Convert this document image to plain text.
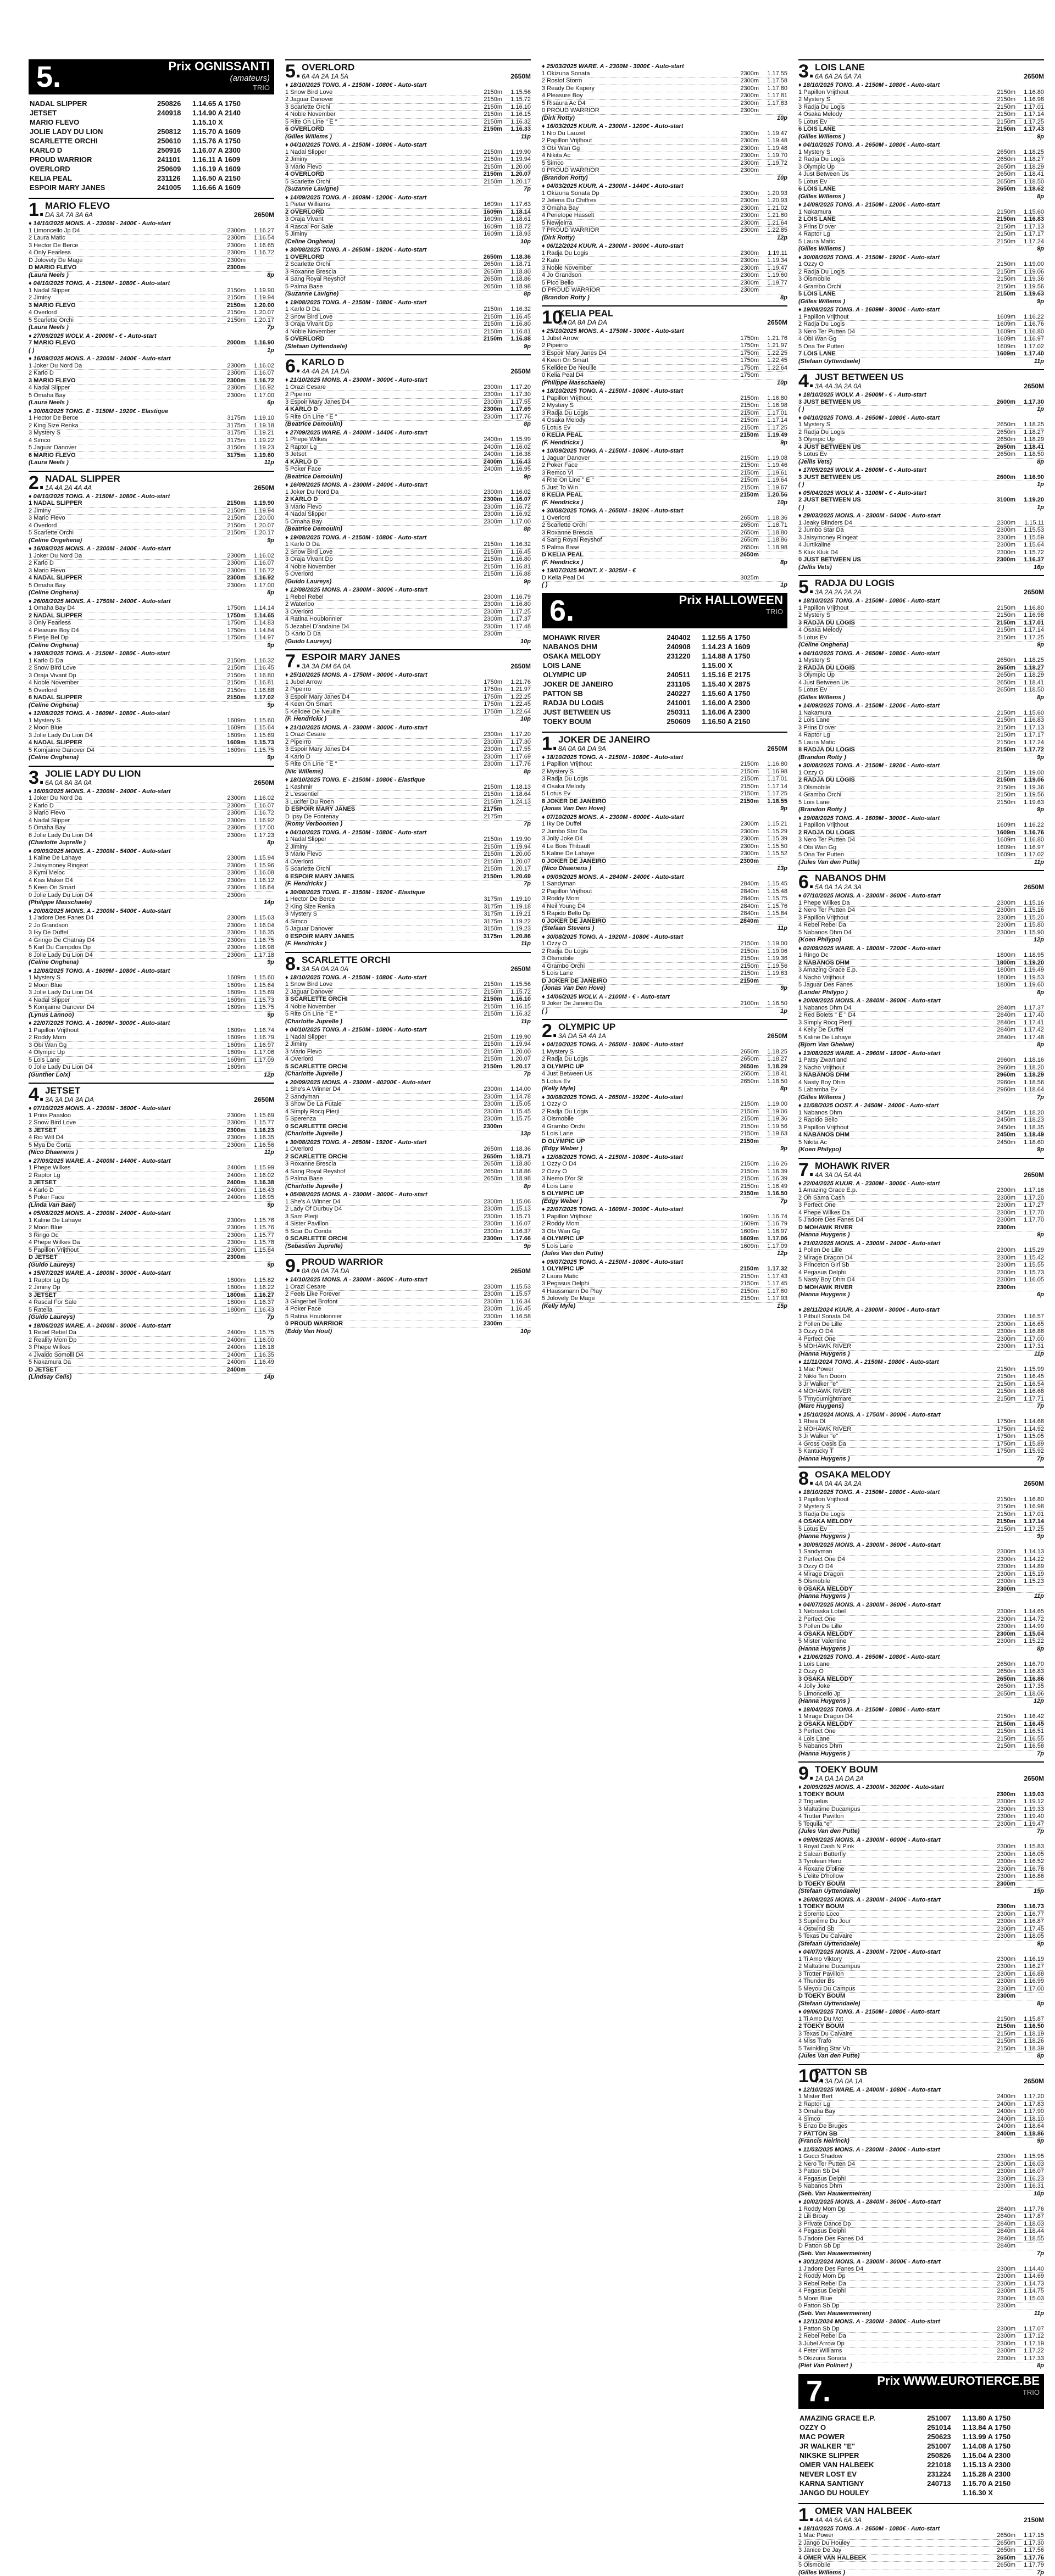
5.	Prix OGNISSANTI
(amateurs)
TRIO
NADAL SLIPPER	250826	1.14.65 A 1750
JETSET	240918	1.14.90 A 2140
MARIO FLEVO		1.15.10 X
JOLIE LADY DU LION	250812	1.15.70 A 1609
SCARLETTE ORCHI	250610	1.15.76 A 1750
KARLO D	250916	1.16.07 A 2300
PROUD WARRIOR	241101	1.16.11 A 1609
OVERLORD	250609	1.16.19 A 1609
KELIA PEAL	231126	1.16.50 A 2150
ESPOIR MARY JANES	241005	1.16.66 A 1609
1. MARIO FLEVO
DA 3A 7A 3A 6A	2650M
♦ 14/10/2025 MONS. A - 2300M - 2400€ - Auto-start
1 Limoncello Jp D4	2300m	1.16.27
2 Laura Matic	2300m	1.16.54
3 Hector De Berce	2300m	1.16.65
4 Only Fearless	2300m	1.16.72
D Jolovely De Mage	2300m
D MARIO FLEVO	2300m
(Laura Neels )	8p
♦ 04/10/2025 TONG. A - 2150M - 1080€ - Auto-start
1 Nadal Slipper	2150m	1.19.90
2 Jiminy	2150m	1.19.94
3 MARIO FLEVO	2150m	1.20.00
4 Overlord	2150m	1.20.07
5 Scarlette Orchi	2150m	1.20.17
(Laura Neels )	7p
♦ 27/09/2025 WOLV. A - 2000M - € - Auto-start
7 MARIO FLEVO	2000m	1.16.90
( )	1p
♦ 16/09/2025 MONS. A - 2300M - 2400€ - Auto-start
1 Joker Du Nord Da	2300m	1.16.02
2 Karlo D	2300m	1.16.07
3 MARIO FLEVO	2300m	1.16.72
4 Nadal Slipper	2300m	1.16.92
5 Omaha Bay	2300m	1.17.00
(Laura Neels )	6p
♦ 30/08/2025 TONG. E - 3150M - 1920€ - Elastique
1 Hector De Berce	3175m	1.19.10
2 King Size Renka	3175m	1.19.18
3 Mystery S	3175m	1.19.21
4 Simco	3175m	1.19.22
5 Jaguar Danover	3150m	1.19.23
6 MARIO FLEVO	3175m	1.19.60
(Laura Neels )	11p
2. NADAL SLIPPER
1A 4A 2A 4A 4A	2650M
♦ 04/10/2025 TONG. A - 2150M - 1080€ - Auto-start
1 NADAL SLIPPER	2150m	1.19.90
2 Jiminy	2150m	1.19.94
3 Mario Flevo	2150m	1.20.00
4 Overlord	2150m	1.20.07
5 Scarlette Orchi	2150m	1.20.17
(Celine Ongehena)	9p
♦ 16/09/2025 MONS. A - 2300M - 2400€ - Auto-start
1 Joker Du Nord Da	2300m	1.16.02
2 Karlo D	2300m	1.16.07
3 Mario Flevo	2300m	1.16.72
4 NADAL SLIPPER	2300m	1.16.92
5 Omaha Bay	2300m	1.17.00
(Celine Onghena)	8p
♦ 26/08/2025 MONS. A - 1750M - 2400€ - Auto-start
1 Omaha Bay D4	1750m	1.14.14
2 NADAL SLIPPER	1750m	1.14.65
3 Only Fearless	1750m	1.14.83
4 Pleasure Boy D4	1750m	1.14.84
5 Pietje Bel Dp	1750m	1.14.97
(Celine Onghena)	9p
♦ 19/08/2025 TONG. A - 2150M - 1080€ - Auto-start
1 Karlo D Da	2150m	1.16.32
2 Snow Bird Love	2150m	1.16.45
3 Oraja Vivant Dp	2150m	1.16.80
4 Noble November	2150m	1.16.81
5 Overlord	2150m	1.16.88
6 NADAL SLIPPER	2150m	1.17.02
(Celine Onghena)	9p
♦ 12/08/2025 TONG. A - 1609M - 1080€ - Auto-start
1 Mystery S	1609m	1.15.60
2 Moon Blue	1609m	1.15.64
3 Jolie Lady Du Lion D4	1609m	1.15.69
4 NADAL SLIPPER	1609m	1.15.73
5 Komjaime Danover D4	1609m	1.15.75
(Celine Onghena)	9p
3. JOLIE LADY DU LION
6A 0A 8A 3A 0A	2650M
♦ 16/09/2025 MONS. A - 2300M - 2400€ - Auto-start
1 Joker Du Nord Da	2300m	1.16.02
2 Karlo D	2300m	1.16.07
3 Mario Flevo	2300m	1.16.72
4 Nadal Slipper	2300m	1.16.92
5 Omaha Bay	2300m	1.17.00
6 Jolie Lady Du Lion D4	2300m	1.17.23
(Charlotte Juprelle )	8p
♦ 09/09/2025 MONS. A - 2300M - 5400€ - Auto-start
1 Kaline De Lahaye	2300m	1.15.94
2 Jaisymoney Ringeat	2300m	1.15.96
3 Kymi Meloc	2300m	1.16.08
4 Kiss Maker D4	2300m	1.16.12
5 Keen On Smart	2300m	1.16.64
0 Jolie Lady Du Lion D4	2300m
(Philippe Masschaele)	14p
♦ 20/08/2025 MONS. A - 2300M - 5400€ - Auto-start
1 J'adore Des Fanes D4	2300m	1.15.63
2 Jo Grandson	2300m	1.16.04
3 Iky De Duffel	2300m	1.16.35
4 Gringo De Chatnay D4	2300m	1.16.75
5 Karl Du Campdos Dp	2300m	1.16.98
8 Jolie Lady Du Lion D4	2300m	1.17.18
(Celine Onghena)	9p
♦ 12/08/2025 TONG. A - 1609M - 1080€ - Auto-start
1 Mystery S	1609m	1.15.60
2 Moon Blue	1609m	1.15.64
3 Jolie Lady Du Lion D4	1609m	1.15.69
4 Nadal Slipper	1609m	1.15.73
5 Komjaime Danover D4	1609m	1.15.75
(Lynus Lannoo)	9p
♦ 22/07/2025 TONG. A - 1609M - 3000€ - Auto-start
1 Papillon Vrijthout	1609m	1.16.74
2 Roddy Mom	1609m	1.16.79
3 Obi Wan Gg	1609m	1.16.97
4 Olympic Up	1609m	1.17.06
5 Lois Lane	1609m	1.17.09
0 Jolie Lady Du Lion D4	1609m
(Gunther Loix)	12p
4. JETSET
3A 3A DA 3A DA	2650M
♦ 07/10/2025 MONS. A - 2300M - 3600€ - Auto-start
1 Prins Paasloo	2300m	1.15.69
2 Snow Bird Love	2300m	1.15.77
3 JETSET	2300m	1.16.23
4 Rio Will D4	2300m	1.16.35
5 Mya De Corta	2300m	1.16.56
(Nico Dhaenens )	11p
♦ 27/09/2025 WARE. A - 2400M - 1440€ - Auto-start
1 Phepe Wilkes	2400m	1.15.99
2 Raptor Lg	2400m	1.16.02
3 JETSET	2400m	1.16.38
4 Karlo D	2400m	1.16.43
5 Poker Face	2400m	1.16.95
(Linda Van Bael)	9p
♦ 05/08/2025 MONS. A - 2300M - 2400€ - Auto-start
1 Kaline De Lahaye	2300m	1.15.76
2 Moon Blue	2300m	1.15.76
3 Ringo Dc	2300m	1.15.77
4 Phepe Wilkes Da	2300m	1.15.78
5 Papillon Vrijthout	2300m	1.15.84
D JETSET	2300m
(Guido Laureys)	9p
♦ 15/07/2025 WARE. A - 1800M - 3000€ - Auto-start
1 Raptor Lg Dp	1800m	1.15.82
2 Jiminy Dp	1800m	1.16.22
3 JETSET	1800m	1.16.27
4 Rascal For Sale	1800m	1.16.37
5 Ratella	1800m	1.16.43
(Guido Laureys)	7p
♦ 18/06/2025 WARE. A - 2400M - 3000€ - Auto-start
1 Rebel Rebel Da	2400m	1.15.75
2 Reality Mom Dp	2400m	1.16.00
3 Phepe Wilkes	2400m	1.16.18
4 Jivaldo Somolli D4	2400m	1.16.35
5 Nakamura Da	2400m	1.16.49
D JETSET	2400m
(Lindsay Celis)	14p
5. OVERLORD
6A 4A 2A 1A 5A	2650M
♦ 18/10/2025 TONG. A - 2150M - 1080€ - Auto-start
1 Snow Bird Love	2150m	1.15.56
2 Jaguar Danover	2150m	1.15.72
3 Scarlette Orchi	2150m	1.16.10
4 Noble November	2150m	1.16.15
5 Rite On Line " E "	2150m	1.16.32
6 OVERLORD	2150m	1.16.33
(Gilles Willems )	11p
♦ 04/10/2025 TONG. A - 2150M - 1080€ - Auto-start
1 Nadal Slipper	2150m	1.19.90
2 Jiminy	2150m	1.19.94
3 Mario Flevo	2150m	1.20.00
4 OVERLORD	2150m	1.20.07
5 Scarlette Orchi	2150m	1.20.17
(Suzanne Lavigne)	7p
♦ 14/09/2025 TONG. A - 1609M - 1200€ - Auto-start
1 Pieter Williams	1609m	1.17.63
2 OVERLORD	1609m	1.18.14
3 Oraja Vivant	1609m	1.18.61
4 Rascal For Sale	1609m	1.18.72
5 Jiminy	1609m	1.18.93
(Celine Onghena)	10p
♦ 30/08/2025 TONG. A - 2650M - 1920€ - Auto-start
1 OVERLORD	2650m	1.18.36
2 Scarlette Orchi	2650m	1.18.71
3 Roxanne Brescia	2650m	1.18.80
4 Sang Royal Reyshof	2650m	1.18.86
5 Palma Base	2650m	1.18.98
(Suzanne Lavigne)	8p
♦ 19/08/2025 TONG. A - 2150M - 1080€ - Auto-start
1 Karlo D Da	2150m	1.16.32
2 Snow Bird Love	2150m	1.16.45
3 Oraja Vivant Dp	2150m	1.16.80
4 Noble November	2150m	1.16.81
5 OVERLORD	2150m	1.16.88
(Stefaan Uyttendaele)	9p
6. KARLO D
4A 4A 2A 1A DA	2650M
♦ 21/10/2025 MONS. A - 2300M - 3000€ - Auto-start
1 Orazi Cesare	2300m	1.17.20
2 Pipeirro	2300m	1.17.30
3 Espoir Mary Janes D4	2300m	1.17.55
4 KARLO D	2300m	1.17.69
5 Rite On Line " E "	2300m	1.17.76
(Beatrice Demoulin)	8p
♦ 27/09/2025 WARE. A - 2400M - 1440€ - Auto-start
1 Phepe Wilkes	2400m	1.15.99
2 Raptor Lg	2400m	1.16.02
3 Jetset	2400m	1.16.38
4 KARLO D	2400m	1.16.43
5 Poker Face	2400m	1.16.95
(Beatrice Demoulin)	9p
♦ 16/09/2025 MONS. A - 2300M - 2400€ - Auto-start
1 Joker Du Nord Da	2300m	1.16.02
2 KARLO D	2300m	1.16.07
3 Mario Flevo	2300m	1.16.72
4 Nadal Slipper	2300m	1.16.92
5 Omaha Bay	2300m	1.17.00
(Beatrice Demoulin)	8p
♦ 19/08/2025 TONG. A - 2150M - 1080€ - Auto-start
1 Karlo D Da	2150m	1.16.32
2 Snow Bird Love	2150m	1.16.45
3 Oraja Vivant Dp	2150m	1.16.80
4 Noble November	2150m	1.16.81
5 Overlord	2150m	1.16.88
(Guido Laureys)	9p
♦ 12/08/2025 MONS. A - 2300M - 3000€ - Auto-start
1 Rebel Rebel	2300m	1.16.79
2 Waterloo	2300m	1.16.80
3 Overlord	2300m	1.17.25
4 Ratina Houblonnier	2300m	1.17.37
5 Jezabel D'andaine D4	2300m	1.17.48
D Karlo D Da	2300m
(Guido Laureys)	10p
7. ESPOIR MARY JANES
3A 3A DM 6A 0A	2650M
♦ 25/10/2025 MONS. A - 1750M - 3000€ - Auto-start
1 Jubel Arrow	1750m	1.21.76
2 Pipeirro	1750m	1.21.97
3 Espoir Mary Janes D4	1750m	1.22.25
4 Keen On Smart	1750m	1.22.45
5 Kelidee De Neuille	1750m	1.22.64
(F. Hendrickx )	10p
♦ 21/10/2025 MONS. A - 2300M - 3000€ - Auto-start
1 Orazi Cesare	2300m	1.17.20
2 Pipeirro	2300m	1.17.30
3 Espoir Mary Janes D4	2300m	1.17.55
4 Karlo D	2300m	1.17.69
5 Rite On Line " E "	2300m	1.17.76
(Nic Willems)	8p
♦ 18/10/2025 TONG. E - 2150M - 1080€ - Elastique
1 Kashmir	2150m	1.18.13
2 L'essentiel	2150m	1.18.64
3 Lucifer Du Roen	2150m	1.24.13
D ESPOIR MARY JANES	2175m
D Ipsy De Fontenay	2175m
(Romy Verboomen )	7p
♦ 04/10/2025 TONG. A - 2150M - 1080€ - Auto-start
1 Nadal Slipper	2150m	1.19.90
2 Jiminy	2150m	1.19.94
3 Mario Flevo	2150m	1.20.00
4 Overlord	2150m	1.20.07
5 Scarlette Orchi	2150m	1.20.17
6 ESPOIR MARY JANES	2150m	1.20.69
(F. Hendrickx )	7p
♦ 30/08/2025 TONG. E - 3150M - 1920€ - Elastique
1 Hector De Berce	3175m	1.19.10
2 King Size Renka	3175m	1.19.18
3 Mystery S	3175m	1.19.21
4 Simco	3175m	1.19.22
5 Jaguar Danover	3150m	1.19.23
0 ESPOIR MARY JANES	3175m	1.20.86
(F. Hendrickx )	11p
8. SCARLETTE ORCHI
3A 5A 0A 2A 0A	2650M
♦ 18/10/2025 TONG. A - 2150M - 1080€ - Auto-start
1 Snow Bird Love	2150m	1.15.56
2 Jaguar Danover	2150m	1.15.72
3 SCARLETTE ORCHI	2150m	1.16.10
4 Noble November	2150m	1.16.15
5 Rite On Line " E "	2150m	1.16.32
(Charlotte Juprelle )	11p
♦ 04/10/2025 TONG. A - 2150M - 1080€ - Auto-start
1 Nadal Slipper	2150m	1.19.90
2 Jiminy	2150m	1.19.94
3 Mario Flevo	2150m	1.20.00
4 Overlord	2150m	1.20.07
5 SCARLETTE ORCHI	2150m	1.20.17
(Charlotte Juprelle )	7p
♦ 20/09/2025 MONS. A - 2300M - 40200€ - Auto-start
1 She's A Winner D4	2300m	1.14.00
2 Sandyman	2300m	1.14.78
3 Show De La Futaie	2300m	1.15.05
4 Simply Rocq Pierji	2300m	1.15.45
5 Sperenza	2300m	1.15.75
0 SCARLETTE ORCHI	2300m
(Charlotte Juprelle )	13p
♦ 30/08/2025 TONG. A - 2650M - 1920€ - Auto-start
1 Overlord	2650m	1.18.36
2 SCARLETTE ORCHI	2650m	1.18.71
3 Roxanne Brescia	2650m	1.18.80
4 Sang Royal Reyshof	2650m	1.18.86
5 Palma Base	2650m	1.18.98
(Charlotte Juprelle )	8p
♦ 05/08/2025 MONS. A - 2300M - 3000€ - Auto-start
1 She's A Winner D4	2300m	1.15.06
2 Lady Of Durbuy D4	2300m	1.15.13
3 Sam Pierji	2300m	1.15.71
4 Sister Pavillon	2300m	1.16.07
5 Scar Du Corida	2300m	1.16.37
0 SCARLETTE ORCHI	2300m	1.17.66
(Sebastien Juprelle)	9p
9. PROUD WARRIOR
0A 0A 0A 7A DA	2650M
♦ 14/10/2025 MONS. A - 2300M - 3600€ - Auto-start
1 Orazi Cesare	2300m	1.15.53
2 Feels Like Forever	2300m	1.15.57
3 Gingerbel Brofont	2300m	1.16.34
4 Poker Face	2300m	1.16.45
5 Ratina Houblonnier	2300m	1.16.58
0 PROUD WARRIOR	2300m
(Eddy Van Hout)	10p
♦ 25/03/2025 WARE. A - 2300M - 3000€ - Auto-start
1 Okizuna Sonata	2300m	1.17.55
2 Rostof Storm	2300m	1.17.58
3 Ready De Kapery	2300m	1.17.80
4 Pleasure Boy	2300m	1.17.81
5 Risaura Ac D4	2300m	1.17.83
0 PROUD WARRIOR	2300m
(Dirk Rotty)	10p
♦ 16/03/2025 KUUR. A - 2300M - 1200€ - Auto-start
1 Nio Du Lauzet	2300m	1.19.47
2 Papillon Vrijthout	2300m	1.19.48
3 Obi Wan Gg	2300m	1.19.48
4 Nikita Ac	2300m	1.19.70
5 Simco	2300m	1.19.72
0 PROUD WARRIOR	2300m
(Brandon Rotty)	10p
♦ 04/03/2025 KUUR. A - 2300M - 1440€ - Auto-start
1 Okizuna Sonata Dp	2300m	1.20.93
2 Jelena Du Chiffres	2300m	1.20.93
3 Omaha Bay	2300m	1.21.02
4 Penelope Hasselt	2300m	1.21.60
5 Newjeirra	2300m	1.21.64
7 PROUD WARRIOR	2300m	1.22.85
(Dirk Rotty)	12p
♦ 06/12/2024 KUUR. A - 2300M - 3000€ - Auto-start
1 Radja Du Logis	2300m	1.19.11
2 Kato	2300m	1.19.34
3 Noble November	2300m	1.19.47
4 Jo Grandson	2300m	1.19.60
5 Pico Bello	2300m	1.19.77
D PROUD WARRIOR	2300m
(Brandon Rotty )	8p
10.
KELIA PEAL
0A 0A 8A DA DA	2650M
♦ 25/10/2025 MONS. A - 1750M - 3000€ - Auto-start
1 Jubel Arrow	1750m	1.21.76
2 Pipeirro	1750m	1.21.97
3 Espoir Mary Janes D4	1750m	1.22.25
4 Keen On Smart	1750m	1.22.45
5 Kelidee De Neuille	1750m	1.22.64
0 Kelia Peal D4	1750m
(Philippe Masschaele)	10p
♦ 18/10/2025 TONG. A - 2150M - 1080€ - Auto-start
1 Papillon Vrijthout	2150m	1.16.80
2 Mystery S	2150m	1.16.98
3 Radja Du Logis	2150m	1.17.01
4 Osaka Melody	2150m	1.17.14
5 Lotus Ev	2150m	1.17.25
0 KELIA PEAL	2150m	1.19.49
(F. Hendrickx )	9p
♦ 10/09/2025 TONG. A - 2150M - 1080€ - Auto-start
1 Jaguar Danover	2150m	1.19.08
2 Poker Face	2150m	1.19.46
3 Remco Vl	2150m	1.19.61
4 Rite On Line " E "	2150m	1.19.64
5 Just To Win	2150m	1.19.67
8 KELIA PEAL	2150m	1.20.56
(F. Hendrickx )	10p
♦ 30/08/2025 TONG. A - 2650M - 1920€ - Auto-start
1 Overlord	2650m	1.18.36
2 Scarlette Orchi	2650m	1.18.71
3 Roxanne Brescia	2650m	1.18.80
4 Sang Royal Reyshof	2650m	1.18.86
5 Palma Base	2650m	1.18.98
D KELIA PEAL	2650m
(F. Hendrickx )	8p
♦ 19/07/2025 MONT. X - 3025M - €
D Kelia Peal D4	3025m
( )	1p
6.	Prix HALLOWEEN
TRIO
MOHAWK RIVER	240402	1.12.55 A 1750
NABANOS DHM	240908	1.14.23 A 1609
OSAKA MELODY	231220	1.14.88 A 1750
LOIS LANE		1.15.00 X
OLYMPIC UP	240511	1.15.16 E 2175
JOKER DE JANEIRO	231105	1.15.40 X 2875
PATTON SB	240227	1.15.60 A 1750
RADJA DU LOGIS	241001	1.16.00 A 2300
JUST BETWEEN US	250311	1.16.06 A 2300
TOEKY BOUM	250609	1.16.50 A 2150
1. JOKER DE JANEIRO
8A 0A 0A DA 9A	2650M
♦ 18/10/2025 TONG. A - 2150M - 1080€ - Auto-start
1 Papillon Vrijthout	2150m	1.16.80
2 Mystery S	2150m	1.16.98
3 Radja Du Logis	2150m	1.17.01
4 Osaka Melody	2150m	1.17.14
5 Lotus Ev	2150m	1.17.25
8 JOKER DE JANEIRO	2150m	1.18.55
(Jonas Van Den Hove)	9p
♦ 07/10/2025 MONS. A - 2300M - 6000€ - Auto-start
1 Iky De Duffel	2300m	1.15.21
2 Jumbo Star Da	2300m	1.15.29
3 Jolly Joke D4	2300m	1.15.39
4 Le Bois Thibault	2300m	1.15.50
5 Kaline De Lahaye	2300m	1.15.52
0 JOKER DE JANEIRO	2300m
(Nico Dhaenens )	13p
♦ 09/09/2025 MONS. A - 2840M - 2400€ - Auto-start
1 Sandyman	2840m	1.15.45
2 Papillon Vrijthout	2840m	1.15.48
3 Roddy Mom	2840m	1.15.75
4 Neil Young D4	2840m	1.15.76
5 Rapido Bello Dp	2840m	1.15.84
0 JOKER DE JANEIRO	2840m
(Stefaan Stevens )	11p
♦ 30/08/2025 TONG. A - 1920M - 1080€ - Auto-start
1 Ozzy O	2150m	1.19.00
2 Radja Du Logis	2150m	1.19.06
3 Olsmobile	2150m	1.19.36
4 Grambo Orchi	2150m	1.19.56
5 Lois Lane	2150m	1.19.63
D JOKER DE JANEIRO	2150m
(Jonas Van Den Hove)	9p
♦ 14/06/2025 WOLV. A - 2100M - € - Auto-start
9 Joker De Janeiro Da	2100m	1.16.50
( )	1p
2. OLYMPIC UP
3A DA 5A 4A 1A	2650M
♦ 04/10/2025 TONG. A - 2650M - 1080€ - Auto-start
1 Mystery S	2650m	1.18.25
2 Radja Du Logis	2650m	1.18.27
3 OLYMPIC UP	2650m	1.18.29
4 Just Between Us	2650m	1.18.41
5 Lotus Ev	2650m	1.18.50
(Kelly Myle)	8p
♦ 30/08/2025 TONG. A - 2650M - 1920€ - Auto-start
1 Ozzy O	2150m	1.19.00
2 Radja Du Logis	2150m	1.19.06
3 Olsmobile	2150m	1.19.36
4 Grambo Orchi	2150m	1.19.56
5 Lois Lane	2150m	1.19.63
D OLYMPIC UP	2150m
(Edgy Weber )	9p
♦ 12/08/2025 TONG. A - 2150M - 1080€ - Auto-start
1 Ozzy O D4	2150m	1.16.26
2 Ozzy O	2150m	1.16.39
3 Nemo D'or St	2150m	1.16.39
4 Lois Lane	2150m	1.16.49
5 OLYMPIC UP	2150m	1.16.50
(Edgy Weber )	7p
♦ 22/07/2025 TONG. A - 1609M - 3000€ - Auto-start
1 Papillon Vrijthout	1609m	1.16.74
2 Roddy Mom	1609m	1.16.79
3 Obi Wan Gg	1609m	1.16.97
4 OLYMPIC UP	1609m	1.17.06
5 Lois Lane	1609m	1.17.09
(Jules Van den Putte)	12p
♦ 09/07/2025 TONG. A - 2150M - 1080€ - Auto-start
1 OLYMPIC UP	2150m	1.17.32
2 Laura Matic	2150m	1.17.43
3 Pegasus Delphi	2150m	1.17.45
4 Haussmann De Play	2150m	1.17.60
5 Jolovely De Mage	2150m	1.17.93
(Kelly Myle)	15p
3. LOIS LANE
6A 6A 2A 5A 7A	2650M
♦ 18/10/2025 TONG. A - 2150M - 1080€ - Auto-start
1 Papillon Vrijthout	2150m	1.16.80
2 Mystery S	2150m	1.16.98
3 Radja Du Logis	2150m	1.17.01
4 Osaka Melody	2150m	1.17.14
5 Lotus Ev	2150m	1.17.25
6 LOIS LANE	2150m	1.17.43
(Gilles Willems )	9p
♦ 04/10/2025 TONG. A - 2650M - 1080€ - Auto-start
1 Mystery S	2650m	1.18.25
2 Radja Du Logis	2650m	1.18.27
3 Olympic Up	2650m	1.18.29
4 Just Between Us	2650m	1.18.41
5 Lotus Ev	2650m	1.18.50
6 LOIS LANE	2650m	1.18.62
(Gilles Willems )	8p
♦ 14/09/2025 TONG. A - 2150M - 1200€ - Auto-start
1 Nakamura	2150m	1.15.60
2 LOIS LANE	2150m	1.16.83
3 Prins D'over	2150m	1.17.13
4 Raptor Lg	2150m	1.17.17
5 Laura Matic	2150m	1.17.24
(Gilles Willems )	9p
♦ 30/08/2025 TONG. A - 2150M - 1920€ - Auto-start
1 Ozzy O	2150m	1.19.00
2 Radja Du Logis	2150m	1.19.06
3 Olsmobile	2150m	1.19.36
4 Grambo Orchi	2150m	1.19.56
5 LOIS LANE	2150m	1.19.63
(Gilles Willems )	9p
♦ 19/08/2025 TONG. A - 1609M - 3000€ - Auto-start
1 Papillon Vrijthout	1609m	1.16.22
2 Radja Du Logis	1609m	1.16.76
3 Nero Ter Putten D4	1609m	1.16.80
4 Obi Wan Gg	1609m	1.16.97
5 Ona Ter Putten	1609m	1.17.02
7 LOIS LANE	1609m	1.17.40
(Stefaan Uyttendaele)	11p
4. JUST BETWEEN US
3A 4A 3A 2A 0A	2650M
♦ 18/10/2025 WOLV. A - 2600M - € - Auto-start
3 JUST BETWEEN US	2600m	1.17.30
( )	1p
♦ 04/10/2025 TONG. A - 2650M - 1080€ - Auto-start
1 Mystery S	2650m	1.18.25
2 Radja Du Logis	2650m	1.18.27
3 Olympic Up	2650m	1.18.29
4 JUST BETWEEN US	2650m	1.18.41
5 Lotus Ev	2650m	1.18.50
(Jellis Vets)	8p
♦ 17/05/2025 WOLV. A - 2600M - € - Auto-start
3 JUST BETWEEN US	2600m	1.16.90
( )	1p
♦ 05/04/2025 WOLV. A - 3100M - € - Auto-start
2 JUST BETWEEN US	3100m	1.19.20
( )	1p
♦ 29/03/2025 MONS. A - 2300M - 5400€ - Auto-start
1 Jeaky Blinders D4	2300m	1.15.11
2 Jumbo Star Da	2300m	1.15.53
3 Jaisymoney Ringeat	2300m	1.15.59
4 Jurtikaline	2300m	1.15.64
5 Kluk Kluk D4	2300m	1.15.72
0 JUST BETWEEN US	2300m	1.16.37
(Jellis Vets)	16p
5. RADJA DU LOGIS
3A 2A 2A 2A 2A	2650M
♦ 18/10/2025 TONG. A - 2150M - 1080€ - Auto-start
1 Papillon Vrijthout	2150m	1.16.80
2 Mystery S	2150m	1.16.98
3 RADJA DU LOGIS	2150m	1.17.01
4 Osaka Melody	2150m	1.17.14
5 Lotus Ev	2150m	1.17.25
(Celine Onghena)	9p
♦ 04/10/2025 TONG. A - 2650M - 1080€ - Auto-start
1 Mystery S	2650m	1.18.25
2 RADJA DU LOGIS	2650m	1.18.27
3 Olympic Up	2650m	1.18.29
4 Just Between Us	2650m	1.18.41
5 Lotus Ev	2650m	1.18.50
(Gilles Willems )	8p
♦ 14/09/2025 TONG. A - 2150M - 1200€ - Auto-start
1 Nakamura	2150m	1.15.60
2 Lois Lane	2150m	1.16.83
3 Prins D'over	2150m	1.17.13
4 Raptor Lg	2150m	1.17.17
5 Laura Matic	2150m	1.17.24
8 RADJA DU LOGIS	2150m	1.17.72
(Brandon Rotty )	9p
♦ 30/08/2025 TONG. A - 2150M - 1920€ - Auto-start
1 Ozzy O	2150m	1.19.00
2 RADJA DU LOGIS	2150m	1.19.06
3 Olsmobile	2150m	1.19.36
4 Grambo Orchi	2150m	1.19.56
5 Lois Lane	2150m	1.19.63
(Brandon Rotty )	9p
♦ 19/08/2025 TONG. A - 1609M - 3000€ - Auto-start
1 Papillon Vrijthout	1609m	1.16.22
2 RADJA DU LOGIS	1609m	1.16.76
3 Nero Ter Putten D4	1609m	1.16.80
4 Obi Wan Gg	1609m	1.16.97
5 Ona Ter Putten	1609m	1.17.02
(Jules Van den Putte)	11p
6. NABANOS DHM
5A 0A 1A 2A 3A	2650M
♦ 07/10/2025 MONS. A - 2300M - 3600€ - Auto-start
1 Phepe Wilkes Da	2300m	1.15.16
2 Nero Ter Putten D4	2300m	1.15.16
3 Papillon Vrijthout	2300m	1.15.20
4 Rebel Rebel Da	2300m	1.15.80
5 Nabanos Dhm D4	2300m	1.15.90
(Koen Philypo)	12p
♦ 02/09/2025 WARE. A - 1800M - 7200€ - Auto-start
1 Ringo Dc	1800m	1.18.95
2 NABANOS DHM	1800m	1.19.20
3 Amazing Grace E.p.	1800m	1.19.49
4 Nacho Vrijthout	1800m	1.19.53
5 Jaguar Des Fanes	1800m	1.19.60
(Lander Philypo )	8p
♦ 20/08/2025 MONS. A - 2840M - 3600€ - Auto-start
1 Nabanos Dhm D4	2840m	1.17.37
2 Red Bolets " E " D4	2840m	1.17.40
3 Simply Rocq Pierji	2840m	1.17.41
4 Kelly De Duffel	2840m	1.17.42
5 Kaline De Lahaye	2840m	1.17.48
(Bjorn Van Ghelwe)	8p
♦ 13/08/2025 WARE. A - 2960M - 1800€ - Auto-start
1 Patsy Zwartland	2960m	1.18.16
2 Nacho Vrijthout	2960m	1.18.20
3 NABANOS DHM	2960m	1.18.29
4 Nasty Boy Dhm	2960m	1.18.56
5 Labamba Ev	2960m	1.18.64
(Gilles Willems )	7p
♦ 11/08/2025 OOST. A - 2450M - 2400€ - Auto-start
1 Nabanos Dhm	2450m	1.18.20
2 Rapido Bello	2450m	1.18.23
3 Papillon Vrijthout	2450m	1.18.35
4 NABANOS DHM	2450m	1.18.49
5 Nikita Ac	2450m	1.18.60
(Koen Philypo)	9p
7. MOHAWK RIVER
4A 3A 0A 5A 4A	2650M
♦ 22/04/2025 KUUR. A - 2300M - 3000€ - Auto-start
1 Amazing Grace E.p.	2300m	1.17.16
2 Oh Sama Cash	2300m	1.17.20
3 Perfect One	2300m	1.17.27
4 Phepe Wilkes Da	2300m	1.17.70
5 J'adore Des Fanes D4	2300m	1.17.70
D MOHAWK RIVER	2300m
(Hanna Huygens )	9p
♦ 21/02/2025 MONS. A - 2300M - 2400€ - Auto-start
1 Pollen De Lille	2300m	1.15.29
2 Mirage Dragon D4	2300m	1.15.42
3 Princeton Girl Sb	2300m	1.15.55
4 Pegasus Delphi	2300m	1.15.73
5 Nasty Boy Dhm D4	2300m	1.16.05
D MOHAWK RIVER	2300m
(Hanna Huygens )	6p
♦ 28/11/2024 KUUR. A - 2300M - 3000€ - Auto-start
1 Pitbull Sonata D4	2300m	1.16.57
2 Pollen De Lille	2300m	1.16.65
3 Ozzy O D4	2300m	1.16.88
4 Perfect One	2300m	1.17.00
5 MOHAWK RIVER	2300m	1.17.31
(Hanna Huygens )	11p
♦ 11/11/2024 TONG. A - 2150M - 1080€ - Auto-start
1 Mac Power	2150m	1.15.99
2 Nikki Ten Doorn	2150m	1.16.45
3 Jr Walker "e"	2150m	1.16.54
4 MOHAWK RIVER	2150m	1.16.68
5 T'myoumightmare	2150m	1.17.71
(Marc Huygens)	7p
♦ 15/10/2024 MONS. A - 1750M - 3000€ - Auto-start
1 Rhea Dl	1750m	1.14.68
2 MOHAWK RIVER	1750m	1.14.92
3 Jr Walker "e"	1750m	1.15.05
4 Gross Oasis Da	1750m	1.15.89
5 Kantucky T	1750m	1.15.92
(Hanna Huygens )	7p
8. OSAKA MELODY
4A 0A 4A 3A 2A	2650M
♦ 18/10/2025 TONG. A - 2150M - 1080€ - Auto-start
1 Papillon Vrijthout	2150m	1.16.80
2 Mystery S	2150m	1.16.98
3 Radja Du Logis	2150m	1.17.01
4 OSAKA MELODY	2150m	1.17.14
5 Lotus Ev	2150m	1.17.25
(Hanna Huygens )	9p
♦ 30/09/2025 MONS. A - 2300M - 3600€ - Auto-start
1 Sandyman	2300m	1.14.13
2 Perfect One D4	2300m	1.14.22
3 Ozzy O D4	2300m	1.14.89
4 Mirage Dragon	2300m	1.15.19
5 Olsmobile	2300m	1.15.23
0 OSAKA MELODY	2300m
(Hanna Huygens )	11p
♦ 04/07/2025 MONS. A - 2300M - 3600€ - Auto-start
1 Nebraska Lobel	2300m	1.14.65
2 Perfect One	2300m	1.14.72
3 Pollen De Lille	2300m	1.14.99
4 OSAKA MELODY	2300m	1.15.04
5 Mister Valentine	2300m	1.15.22
(Hanna Huygens )	8p
♦ 21/06/2025 TONG. A - 2650M - 1080€ - Auto-start
1 Lois Lane	2650m	1.16.70
2 Ozzy O	2650m	1.16.83
3 OSAKA MELODY	2650m	1.16.86
4 Jolly Joke	2650m	1.17.35
5 Limoncello Jp	2650m	1.18.06
(Hanna Huygens )	12p
♦ 18/04/2025 TONG. A - 2150M - 1080€ - Auto-start
1 Mirage Dragon D4	2150m	1.16.42
2 OSAKA MELODY	2150m	1.16.45
3 Perfect One	2150m	1.16.51
4 Lois Lane	2150m	1.16.55
5 Nabanos Dhm	2150m	1.16.58
(Hanna Huygens )	7p
9. TOEKY BOUM
1A DA 1A DA 2A	2650M
♦ 20/09/2025 MONS. A - 2300M - 30200€ - Auto-start
1 TOEKY BOUM	2300m	1.19.03
2 Triguelus	2300m	1.19.12
3 Maltatime Ducampus	2300m	1.19.33
4 Trotter Pavillon	2300m	1.19.40
5 Tequila "e"	2300m	1.19.47
(Jules Van den Putte)	7p
♦ 09/09/2025 MONS. A - 2300M - 6000€ - Auto-start
1 Royal Cash N Pink	2300m	1.15.83
2 Salcan Butterfly	2300m	1.16.05
3 Tyrolean Hero	2300m	1.16.52
4 Roxane D'oline	2300m	1.16.78
5 L'elite D'hollow	2300m	1.16.86
D TOEKY BOUM	2300m
(Stefaan Uyttendaele)	15p
♦ 26/08/2025 MONS. A - 2300M - 2400€ - Auto-start
1 TOEKY BOUM	2300m	1.16.73
2 Sorento Loco	2300m	1.16.77
3 Suprême Du Jour	2300m	1.16.87
4 Ostwind Sb	2300m	1.17.45
5 Texas Du Calvaire	2300m	1.18.05
(Stefaan Uyttendaele)	9p
♦ 04/07/2025 MONS. A - 2300M - 7200€ - Auto-start
1 Ti Amo Viktory	2300m	1.16.19
2 Maltatime Ducampus	2300m	1.16.27
3 Trotter Pavillon	2300m	1.16.88
4 Thunder Bs	2300m	1.16.99
5 Meyou Du Campus	2300m	1.17.00
D TOEKY BOUM	2300m
(Stefaan Uyttendaele)	8p
♦ 09/06/2025 TONG. A - 2150M - 1080€ - Auto-start
1 Ti Amo Du Mot	2150m	1.15.87
2 TOEKY BOUM	2150m	1.16.50
3 Texas Du Calvaire	2150m	1.18.19
4 Miss Trafo	2150m	1.18.26
5 Twinkling Star Vb	2150m	1.18.39
(Jules Van den Putte)	8p
10.
PATTON SB
7A 3A DA 0A 1A	2650M
♦ 12/10/2025 WARE. A - 2400M - 1080€ - Auto-start
1 Mister Bert	2400m	1.17.20
2 Raptor Lg	2400m	1.17.83
3 Omaha Bay	2400m	1.17.90
4 Simco	2400m	1.18.10
5 Enzo De Bruges	2400m	1.18.64
7 PATTON SB	2400m	1.18.86
(Francis Neirinck)	9p
♦ 11/03/2025 MONS. A - 2300M - 2400€ - Auto-start
1 Gucci Shadow	2300m	1.15.95
2 Nero Ter Putten D4	2300m	1.16.03
3 Patton Sb D4	2300m	1.16.07
4 Pegasus Delphi	2300m	1.16.23
5 Nabanos Dhm	2300m	1.16.31
(Seb. Van Hauwermeiren)	10p
♦ 10/02/2025 MONS. A - 2840M - 3600€ - Auto-start
1 Roddy Mom Dp	2840m	1.17.76
2 Lili Broay	2840m	1.17.87
3 Private Dance Dp	2840m	1.18.03
4 Pegasus Delphi	2840m	1.18.44
5 J'adore Des Fanes D4	2840m	1.18.55
D Patton Sb Dp	2840m
(Seb. Van Hauwermeiren)	7p
♦ 30/12/2024 MONS. A - 2300M - 3000€ - Auto-start
1 J'adore Des Fanes D4	2300m	1.14.40
2 Roddy Mom Dp	2300m	1.14.69
3 Rebel Rebel Da	2300m	1.14.73
4 Pegasus Delphi	2300m	1.14.75
5 Moon Blue	2300m	1.15.03
0 Patton Sb Dp	2300m
(Seb. Van Hauwermeiren)	11p
♦ 12/11/2024 MONS. A - 2300M - 2400€ - Auto-start
1 Patton Sb Dp	2300m	1.17.07
2 Rebel Rebel Da	2300m	1.17.12
3 Jubel Arrow Dp	2300m	1.17.19
4 Peter Williams	2300m	1.17.22
5 Okizuna Sonata	2300m	1.17.33
(Piet Van Polinert )	8p
7.	Prix WWW.EUROTIERCE.BE
TRIO
AMAZING GRACE E.P.	251007	1.13.80 A 1750
OZZY O	251014	1.13.84 A 1750
MAC POWER	250623	1.13.99 A 1750
JR WALKER "E"	251007	1.14.08 A 1750
NIKSKE SLIPPER	250826	1.15.04 A 2300
OMER VAN HALBEEK	221018	1.15.13 A 2300
NEVER LOST EV	231224	1.15.28 A 2300
KARNA SANTIGNY	240713	1.15.70 A 2150
JANGO DU HOULEY		1.16.30 X
1. OMER VAN HALBEEK
4A 4A 6A 6A 3A	2150M
♦ 18/10/2025 TONG. A - 2650M - 1080€ - Auto-start
1 Mac Power	2650m	1.17.15
2 Jango Du Houley	2650m	1.17.30
3 Janice De Jay	2650m	1.17.56
4 OMER VAN HALBEEK	2650m	1.17.76
5 Olsmobile	2650m	1.17.79
(Gilles Willems )	7p
